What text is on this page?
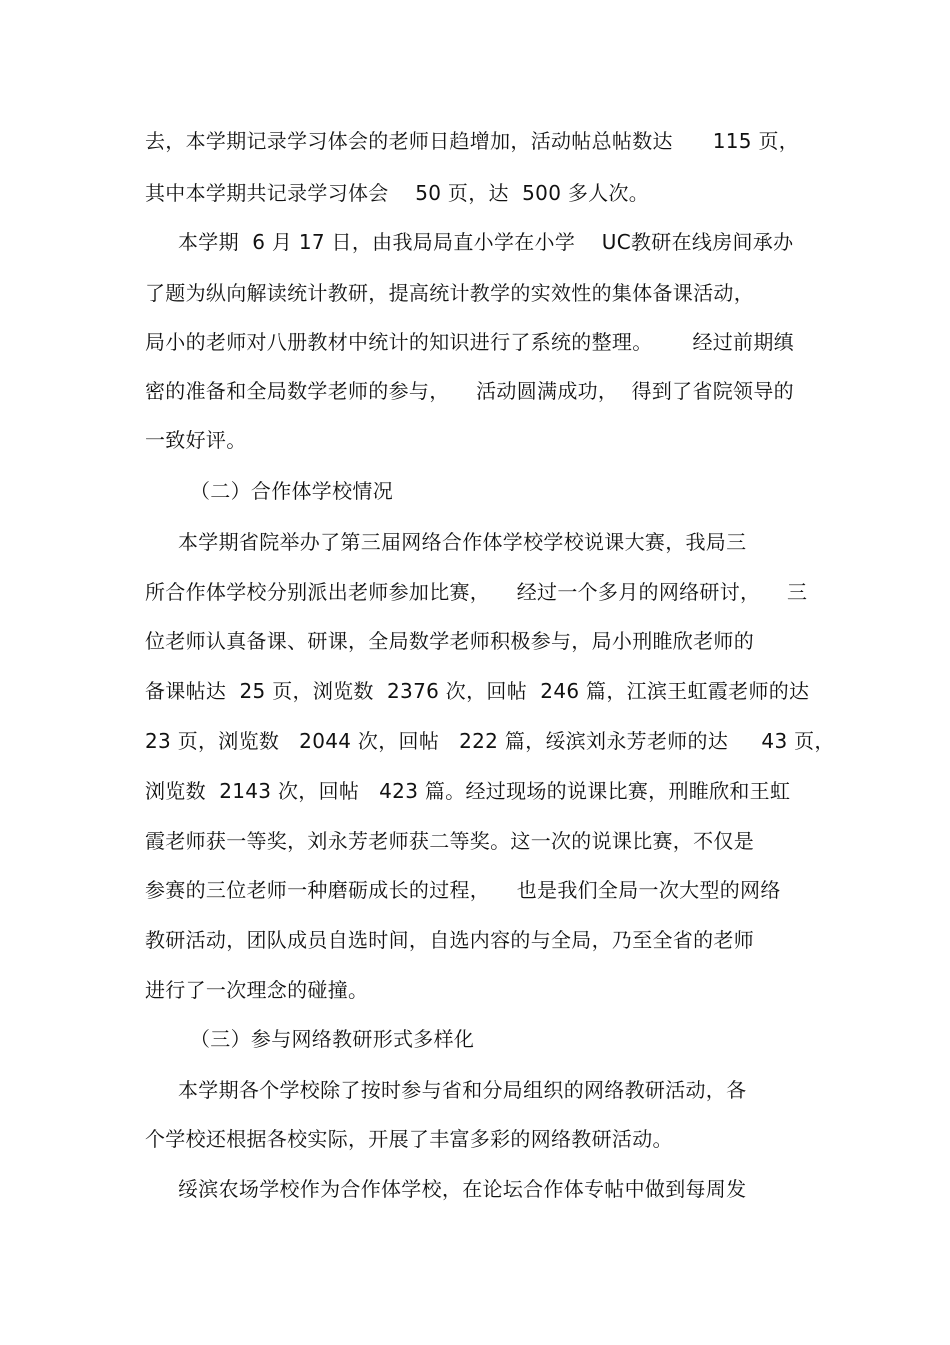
去，本学期记录学习体会的老师日趋增加，活动帖总帖数达      115 页，
其中本学期共记录学习体会    50 页，达  500 多人次。
本学期  6 月 17 日，由我局局直小学在小学    UC教研在线房间承办
了题为纵向解读统计教研，提高统计教学的实效性的集体备课活动，
局小的老师对八册教材中统计的知识进行了系统的整理。      经过前期缜
密的准备和全局数学老师的参与，    活动圆满成功，  得到了省院领导的
一致好评。
（二）合作体学校情况
本学期省院举办了第三届网络合作体学校学校说课大赛，我局三
所合作体学校分别派出老师参加比赛，    经过一个多月的网络研讨，    三
位老师认真备课、研课，全局数学老师积极参与，局小刑睢欣老师的
备课帖达  25 页，浏览数  2376 次，回帖  246 篇，江滨王虹霞老师的达
23 页，浏览数   2044 次，回帖   222 篇，绥滨刘永芳老师的达     43 页，
浏览数  2143 次，回帖   423 篇。经过现场的说课比赛，刑睢欣和王虹
霞老师获一等奖，刘永芳老师获二等奖。这一次的说课比赛，不仅是
参赛的三位老师一种磨砺成长的过程，    也是我们全局一次大型的网络
教研活动，团队成员自选时间，自选内容的与全局，乃至全省的老师
进行了一次理念的碰撞。
（三）参与网络教研形式多样化
本学期各个学校除了按时参与省和分局组织的网络教研活动，各
个学校还根据各校实际，开展了丰富多彩的网络教研活动。
绥滨农场学校作为合作体学校，在论坛合作体专帖中做到每周发
